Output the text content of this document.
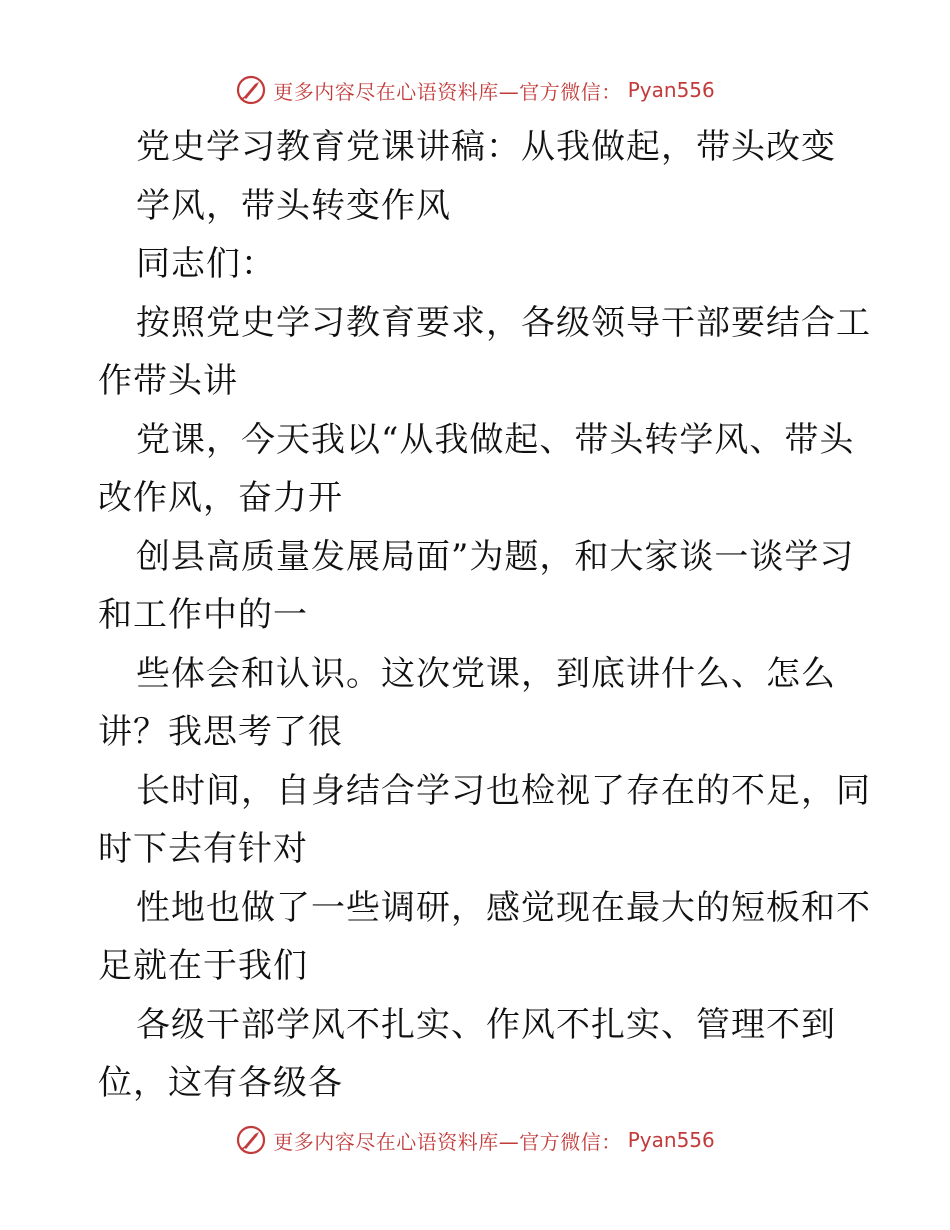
更多内容尽在心语资料库—官方微信： Pyan556
党史学习教育党课讲稿：从我做起，带头改变
学风，带头转变作风
同志们：
按照党史学习教育要求，各级领导干部要结合工
作带头讲
党课，今天我以“从我做起、带头转学风、带头
改作风，奋力开
创县高质量发展局面”为题，和大家谈一谈学习
和工作中的一
些体会和认识。这次党课，到底讲什么、怎么
讲？我思考了很
长时间，自身结合学习也检视了存在的不足，同
时下去有针对
性地也做了一些调研，感觉现在最大的短板和不
足就在于我们
各级干部学风不扎实、作风不扎实、管理不到
位，这有各级各
更多内容尽在心语资料库—官方微信： Pyan556
